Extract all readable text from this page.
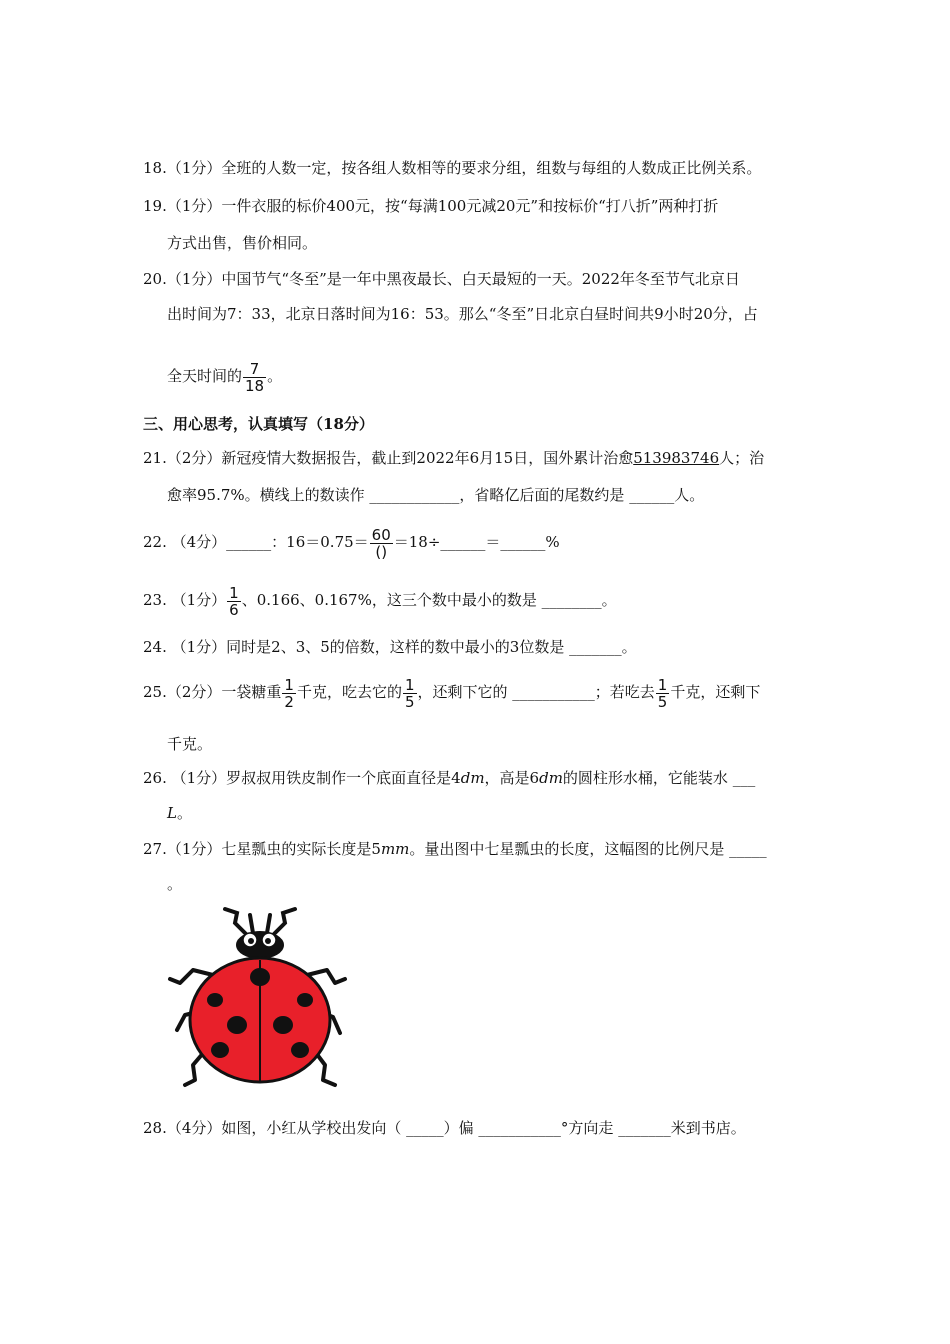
18.（1分）全班的人数一定，按各组人数相等的要求分组，组数与每组的人数成正比例关系。
19.（1分）一件衣服的标价400元，按“每满100元减20元”和按标价“打八折”两种打折
方式出售，售价相同。
20.（1分）中国节气“冬至”是一年中黑夜最长、白天最短的一天。2022年冬至节气北京日
出时间为7：33，北京日落时间为16：53。那么“冬至”日北京白昼时间共9小时20分，占
全天时间的 $\frac{7}{18}$ 。
三、用心思考，认真填写（18分）
21.（2分）新冠疫情大数据报告，截止到2022年6月15日，国外累计治愈513983746人；治
愈率95.7%。横线上的数读作 ____________，省略亿后面的尾数约是 ______人。
22. （4分）______：$16=0.75= \frac{60}{()}$ ＝18÷______＝______%
23. （1分） $\frac{1}{6}$ 、0.166、0.167%，这三个数中最小的数是 ________。
24. （1分）同时是2、3、5的倍数，这样的数中最小的3位数是 _______。
25.（2分）一袋糖重 $\frac{1}{2}$ 千克，吃去它的 $\frac{1}{5}$ ，还剩下它的 ___________；若吃去 $\frac{1}{5}$ 千克，还剩下
千克。
26. （1分）罗叔叔用铁皮制作一个底面直径是4dm，高是6dm的圆柱形水桶，它能装水 ___
L。
27.（1分）七星瓢虫的实际长度是5mm。量出图中七星瓢虫的长度，这幅图的比例尺是 _____
。
28.（4分）如图，小红从学校出发向（ _____）偏 ___________°方向走 _______米到书店。
